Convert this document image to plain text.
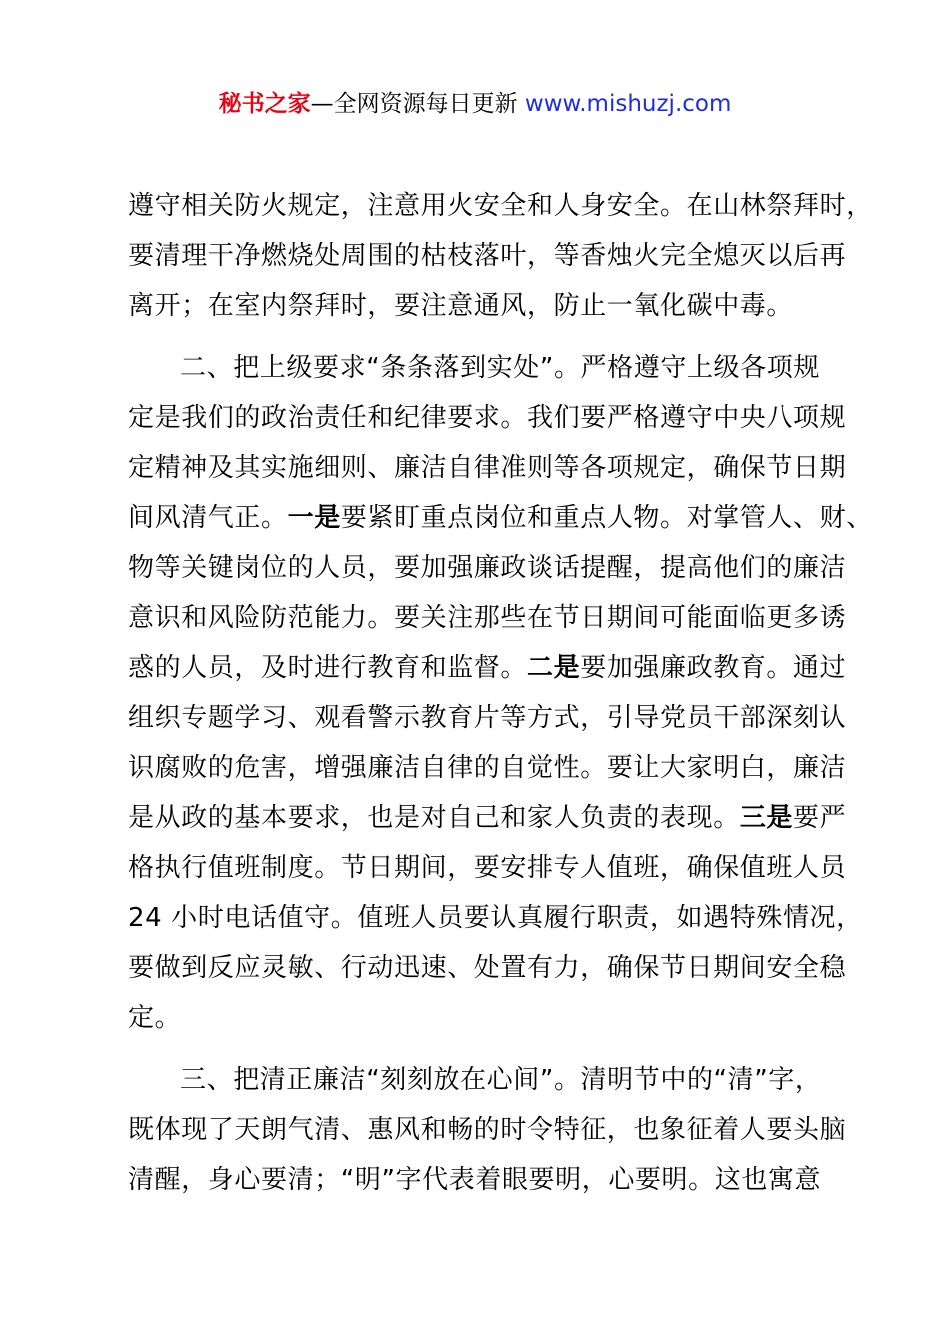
秘书之家—全网资源每日更新 www.mishuzj.com
遵守相关防火规定，注意用火安全和人身安全。在山林祭拜时，
要清理干净燃烧处周围的枯枝落叶，等香烛火完全熄灭以后再
离开；在室内祭拜时，要注意通风，防止一氧化碳中毒。
二、把上级要求“条条落到实处”。严格遵守上级各项规
定是我们的政治责任和纪律要求。我们要严格遵守中央八项规
定精神及其实施细则、廉洁自律准则等各项规定，确保节日期
间风清气正。一是要紧盯重点岗位和重点人物。对掌管人、财、
物等关键岗位的人员，要加强廉政谈话提醒，提高他们的廉洁
意识和风险防范能力。要关注那些在节日期间可能面临更多诱
惑的人员，及时进行教育和监督。二是要加强廉政教育。通过
组织专题学习、观看警示教育片等方式，引导党员干部深刻认
识腐败的危害，增强廉洁自律的自觉性。要让大家明白，廉洁
是从政的基本要求，也是对自己和家人负责的表现。三是要严
格执行值班制度。节日期间，要安排专人值班，确保值班人员
24 小时电话值守。值班人员要认真履行职责，如遇特殊情况，
要做到反应灵敏、行动迅速、处置有力，确保节日期间安全稳
定。
三、把清正廉洁“刻刻放在心间”。清明节中的“清”字，
既体现了天朗气清、惠风和畅的时令特征，也象征着人要头脑
清醒，身心要清；“明”字代表着眼要明，心要明。这也寓意
